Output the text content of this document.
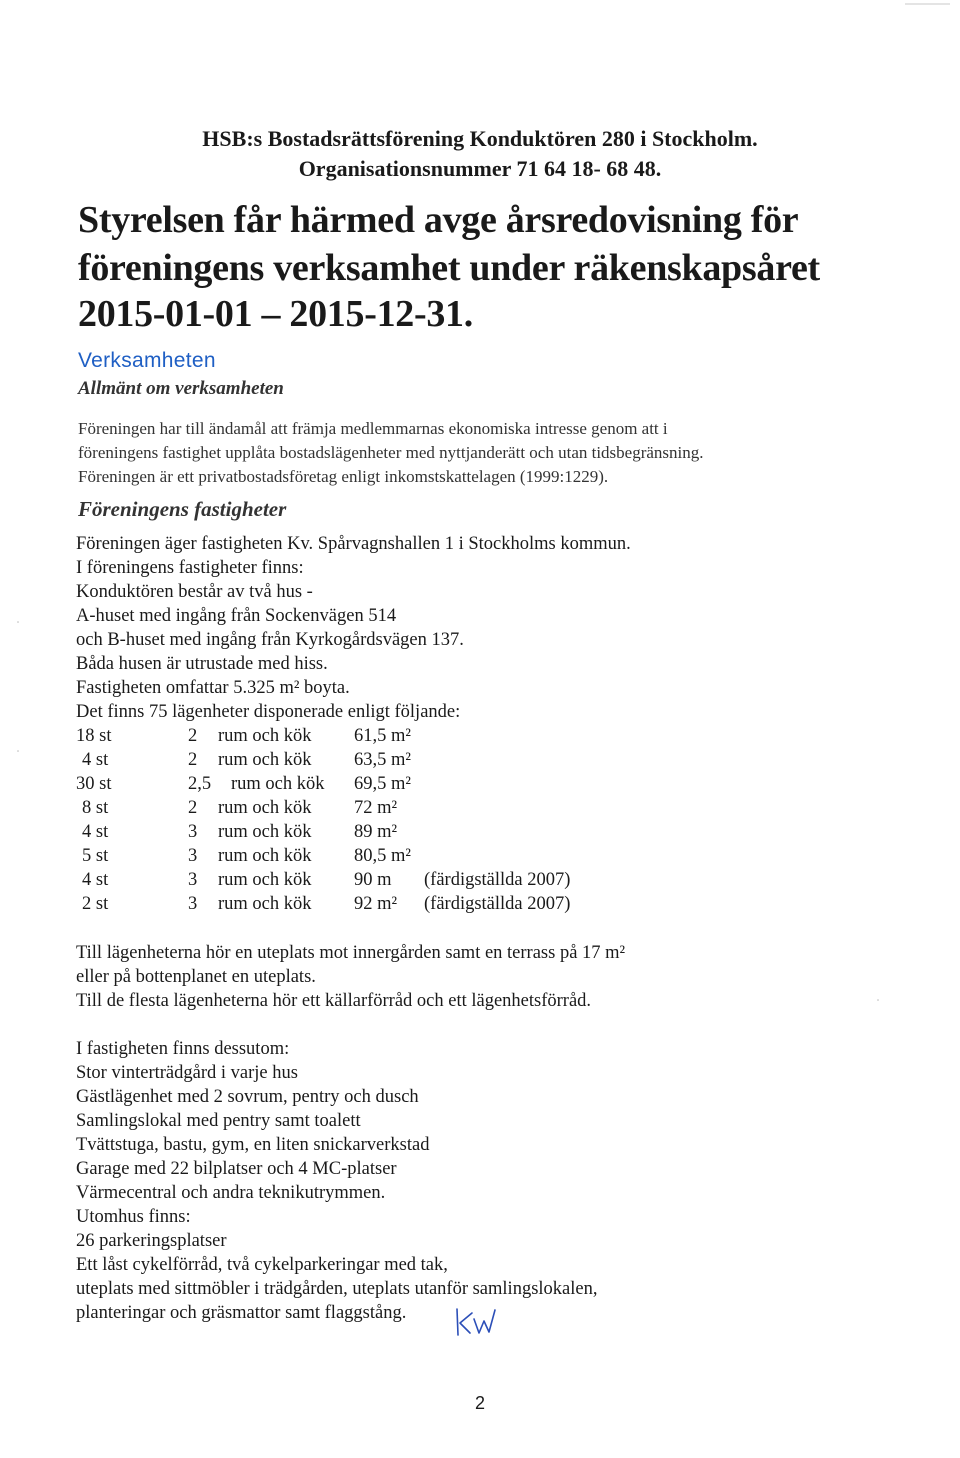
HSB:s Bostadsrättsförening Konduktören 280 i Stockholm.
Organisationsnummer 71 64 18- 68 48.
Styrelsen får härmed avge årsredovisning för
föreningens verksamhet under räkenskapsåret
2015-01-01 – 2015-12-31.
Verksamheten
Allmänt om verksamheten
Föreningen har till ändamål att främja medlemmarnas ekonomiska intresse genom att i
föreningens fastighet upplåta bostadslägenheter med nyttjanderätt och utan tidsbegränsning.
Föreningen är ett privatbostadsföretag enligt inkomstskattelagen (1999:1229).
Föreningens fastigheter
Föreningen äger fastigheten Kv. Spårvagnshallen 1 i Stockholms kommun.
I föreningens fastigheter finns:
Konduktören består av två hus -
A-huset med ingång från Sockenvägen 514
och B-huset med ingång från Kyrkogårdsvägen 137.
Båda husen är utrustade med hiss.
Fastigheten omfattar 5.325 m² boyta.
Det finns 75 lägenheter disponerade enligt följande:
18 st	2 rum och kök 61,5 m²
4 st	2 rum och kök 63,5 m²
30 st	2,5 rum och kök 69,5 m²
8 st	2 rum och kök 72 m²
4 st	3 rum och kök 89 m²
5 st	3 rum och kök 80,5 m²
4 st	3 rum och kök 90 m (färdigställda 2007)
2 st	3 rum och kök 92 m² (färdigställda 2007)
Till lägenheterna hör en uteplats mot innergården samt en terrass på 17 m²
eller på bottenplanet en uteplats.
Till de flesta lägenheterna hör ett källarförråd och ett lägenhetsförråd.
I fastigheten finns dessutom:
Stor vinterträdgård i varje hus
Gästlägenhet med 2 sovrum, pentry och dusch
Samlingslokal med pentry samt toalett
Tvättstuga, bastu, gym, en liten snickarverkstad
Garage med 22 bilplatser och 4 MC-platser
Värmecentral och andra teknikutrymmen.
Utomhus finns:
26 parkeringsplatser
Ett låst cykelförråd, två cykelparkeringar med tak,
uteplats med sittmöbler i trädgården, uteplats utanför samlingslokalen,
planteringar och gräsmattor samt flaggstång.
2
